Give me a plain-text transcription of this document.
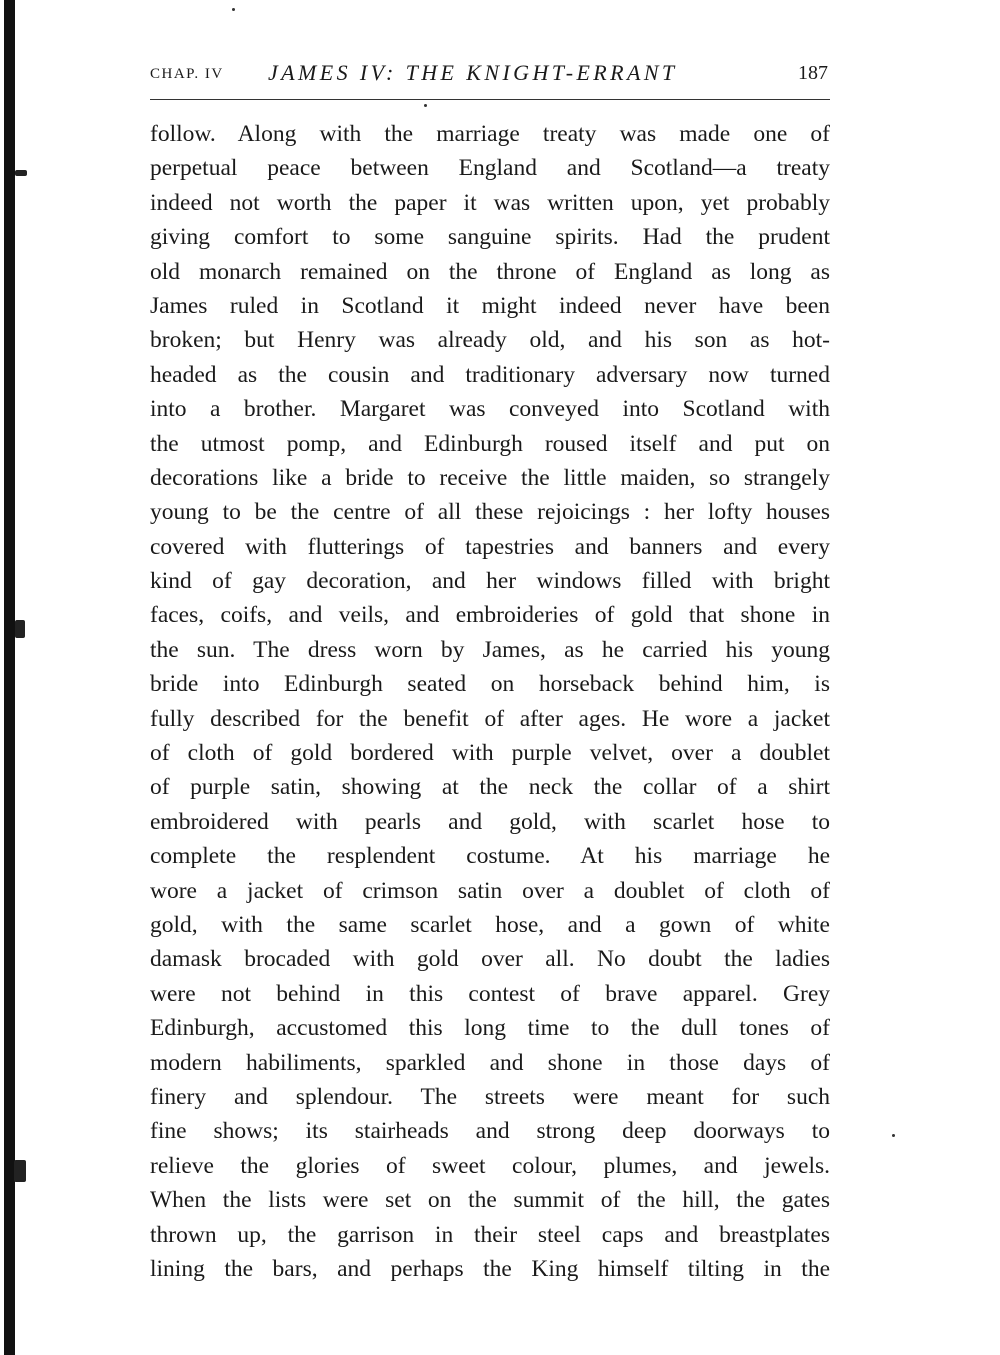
CHAP. IV JAMES IV: THE KNIGHT-ERRANT	187
follow. Along with the marriage treaty was made one of
perpetual peace between England and Scotland—a treaty
indeed not worth the paper it was written upon, yet probably
giving comfort to some sanguine spirits. Had the prudent
old monarch remained on the throne of England as long as
James ruled in Scotland it might indeed never have been
broken; but Henry was already old, and his son as hot-
headed as the cousin and traditionary adversary now turned
into a brother. Margaret was conveyed into Scotland with
the utmost pomp, and Edinburgh roused itself and put on
decorations like a bride to receive the little maiden, so strangely
young to be the centre of all these rejoicings : her lofty houses
covered with flutterings of tapestries and banners and every
kind of gay decoration, and her windows filled with bright
faces, coifs, and veils, and embroideries of gold that shone in
the sun. The dress worn by James, as he carried his young
bride into Edinburgh seated on horseback behind him, is
fully described for the benefit of after ages. He wore a jacket
of cloth of gold bordered with purple velvet, over a doublet
of purple satin, showing at the neck the collar of a shirt
embroidered with pearls and gold, with scarlet hose to
complete the resplendent costume. At his marriage he
wore a jacket of crimson satin over a doublet of cloth of
gold, with the same scarlet hose, and a gown of white
damask brocaded with gold over all. No doubt the ladies
were not behind in this contest of brave apparel. Grey
Edinburgh, accustomed this long time to the dull tones of
modern habiliments, sparkled and shone in those days of
finery and splendour. The streets were meant for such
fine shows; its stairheads and strong deep doorways to
relieve the glories of sweet colour, plumes, and jewels.
When the lists were set on the summit of the hill, the gates
thrown up, the garrison in their steel caps and breastplates
lining the bars, and perhaps the King himself tilting in the
